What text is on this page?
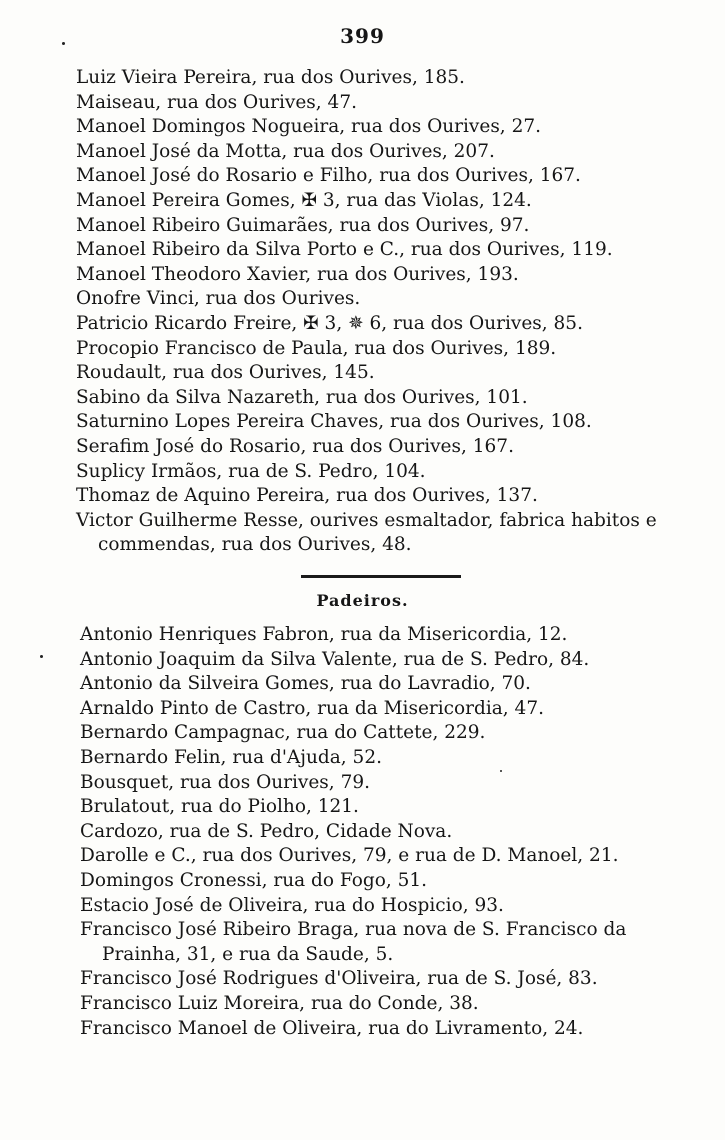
399
Luiz Vieira Pereira, rua dos Ourives, 185.
Maiseau, rua dos Ourives, 47.
Manoel Domingos Nogueira, rua dos Ourives, 27.
Manoel José da Motta, rua dos Ourives, 207.
Manoel José do Rosario e Filho, rua dos Ourives, 167.
Manoel Pereira Gomes, ✠ 3, rua das Violas, 124.
Manoel Ribeiro Guimarães, rua dos Ourives, 97.
Manoel Ribeiro da Silva Porto e C., rua dos Ourives, 119.
Manoel Theodoro Xavier, rua dos Ourives, 193.
Onofre Vinci, rua dos Ourives.
Patricio Ricardo Freire, ✠ 3, ✵ 6, rua dos Ourives, 85.
Procopio Francisco de Paula, rua dos Ourives, 189.
Roudault, rua dos Ourives, 145.
Sabino da Silva Nazareth, rua dos Ourives, 101.
Saturnino Lopes Pereira Chaves, rua dos Ourives, 108.
Serafim José do Rosario, rua dos Ourives, 167.
Suplicy Irmãos, rua de S. Pedro, 104.
Thomaz de Aquino Pereira, rua dos Ourives, 137.
Victor Guilherme Resse, ourives esmaltador, fabrica habitos e commendas, rua dos Ourives, 48.
Padeiros.
Antonio Henriques Fabron, rua da Misericordia, 12.
Antonio Joaquim da Silva Valente, rua de S. Pedro, 84.
Antonio da Silveira Gomes, rua do Lavradio, 70.
Arnaldo Pinto de Castro, rua da Misericordia, 47.
Bernardo Campagnac, rua do Cattete, 229.
Bernardo Felin, rua d'Ajuda, 52.
Bousquet, rua dos Ourives, 79.
Brulatout, rua do Piolho, 121.
Cardozo, rua de S. Pedro, Cidade Nova.
Darolle e C., rua dos Ourives, 79, e rua de D. Manoel, 21.
Domingos Cronessi, rua do Fogo, 51.
Estacio José de Oliveira, rua do Hospicio, 93.
Francisco José Ribeiro Braga, rua nova de S. Francisco da Prainha, 31, e rua da Saude, 5.
Francisco José Rodrigues d'Oliveira, rua de S. José, 83.
Francisco Luiz Moreira, rua do Conde, 38.
Francisco Manoel de Oliveira, rua do Livramento, 24.
